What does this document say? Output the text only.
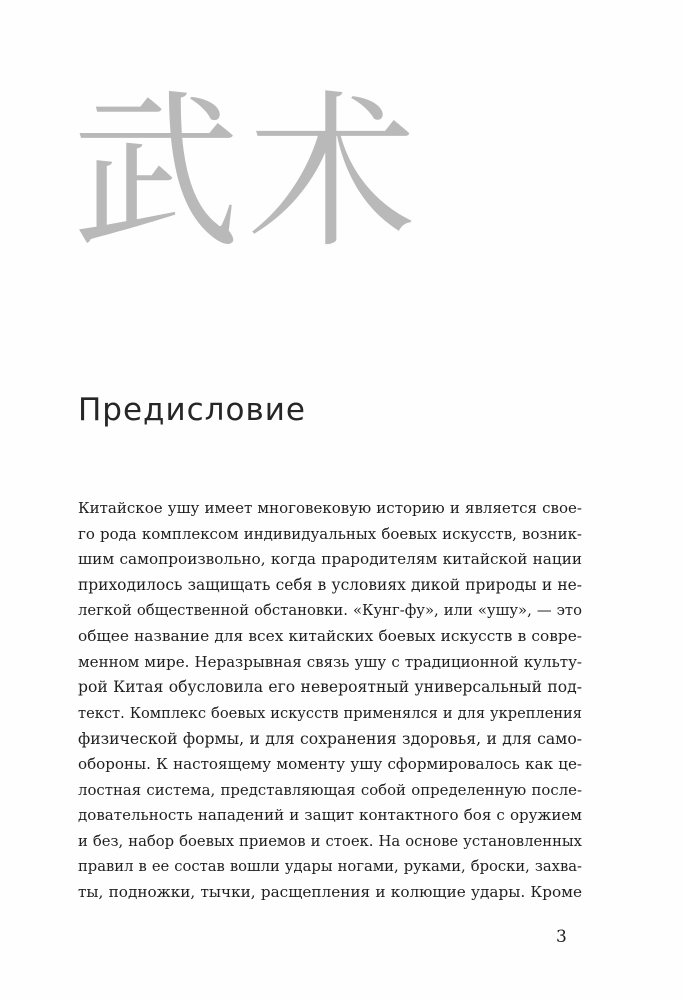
武术
Предисловие
Китайское ушу имеет многовековую историю и является свое-
го рода комплексом индивидуальных боевых искусств, возник-
шим самопроизвольно, когда прародителям китайской нации
приходилось защищать себя в условиях дикой природы и не-
легкой общественной обстановки. «Кунг-фу», или «ушу», — это
общее название для всех китайских боевых искусств в совре-
менном мире. Неразрывная связь ушу с традиционной культу-
рой Китая обусловила его невероятный универсальный под-
текст. Комплекс боевых искусств применялся и для укрепления
физической формы, и для сохранения здоровья, и для само-
обороны. К настоящему моменту ушу сформировалось как це-
лостная система, представляющая собой определенную после-
довательность нападений и защит контактного боя с оружием
и без, набор боевых приемов и стоек. На основе установленных
правил в ее состав вошли удары ногами, руками, броски, захва-
ты, подножки, тычки, расщепления и колющие удары. Кроме
3
